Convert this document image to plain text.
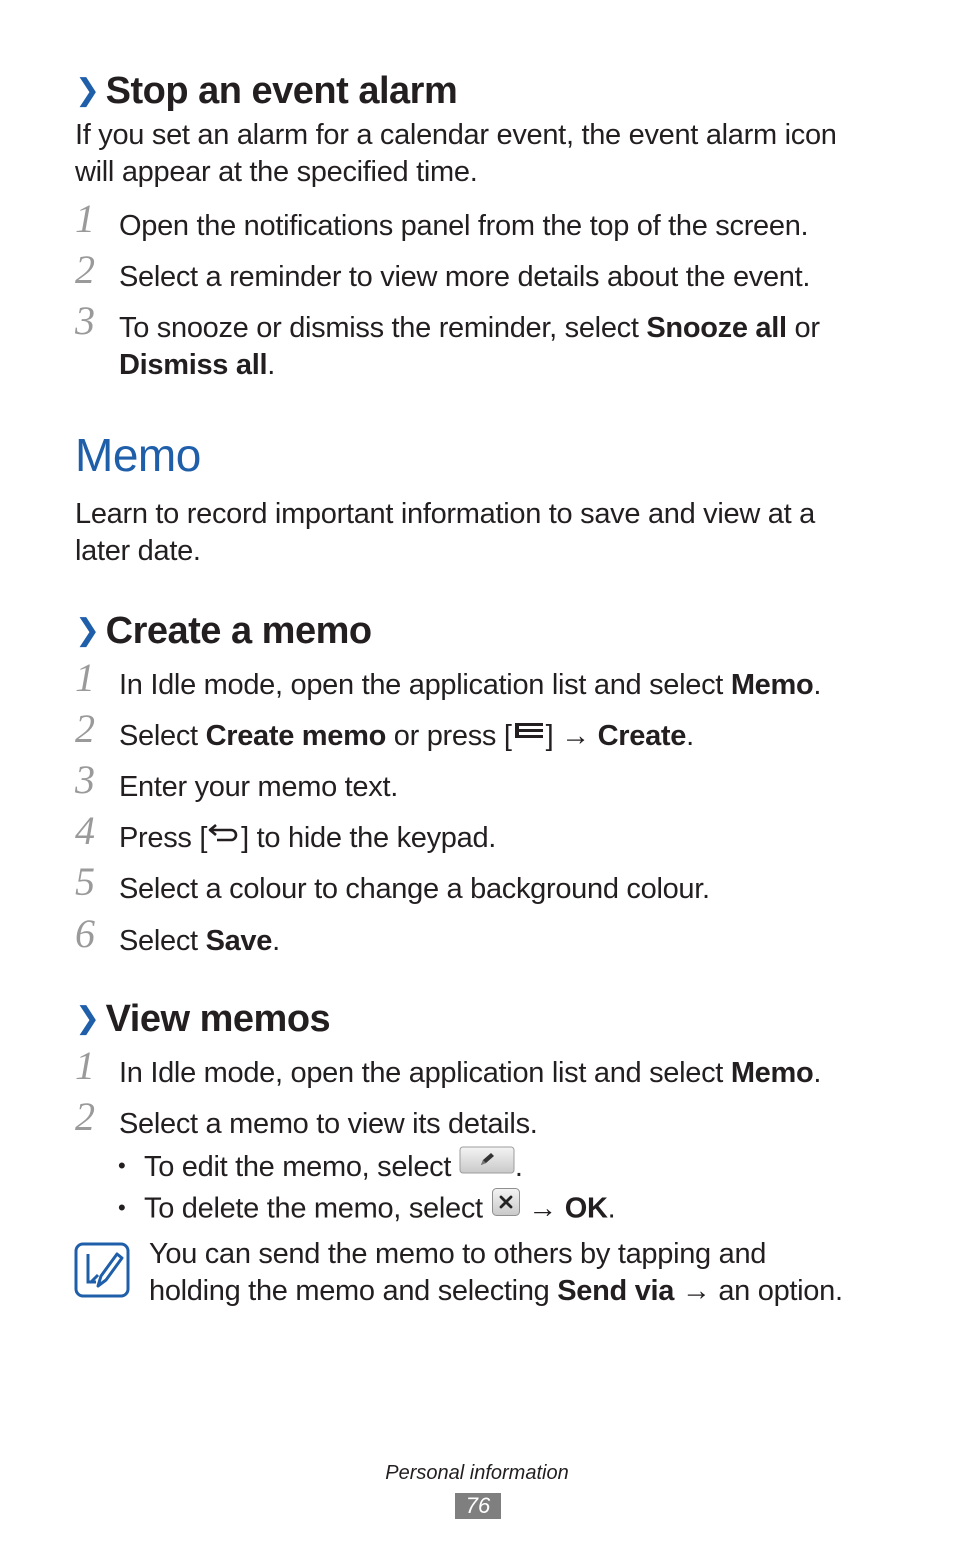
❯ Stop an event alarm

If you set an alarm for a calendar event, the event alarm icon will appear at the specified time.

1 Open the notifications panel from the top of the screen.
2 Select a reminder to view more details about the event.
3 To snooze or dismiss the reminder, select Snooze all or
Dismiss all.
Memo

Learn to record important information to save and view at a later date.

❯ Create a memo
1 In Idle mode, open the application list and select Memo.
2 Select Create memo or press [ ] → Create.
3 Enter your memo text.
4 Press [ ] to hide the keypad.
5 Select a colour to change a background colour.
6 Select Save.
❯ View memos
1 In Idle mode, open the application list and select Memo.
2 Select a memo to view its details.
• To edit the memo, select .
• To delete the memo, select  → OK.
You can send the memo to others by tapping and holding the memo and selecting Send via → an option.
Personal information
76
